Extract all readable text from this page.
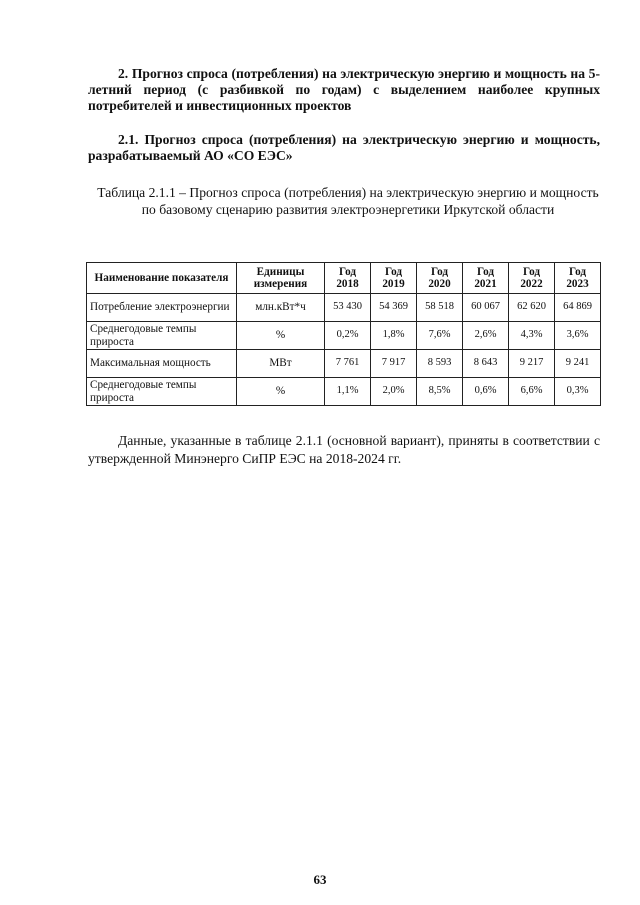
2. Прогноз спроса (потребления) на электрическую энергию и мощность на 5-летний период (с разбивкой по годам) с выделением наиболее крупных потребителей и инвестиционных проектов
2.1. Прогноз спроса (потребления) на электрическую энергию и мощность, разрабатываемый АО «СО ЕЭС»
Таблица 2.1.1 – Прогноз спроса (потребления) на электрическую энергию и мощность по базовому сценарию развития электроэнергетики Иркутской области
Наименование показателя	Единицы измерения	Год 2018	Год 2019	Год 2020	Год 2021	Год 2022	Год 2023
Потребление электроэнергии	млн.кВт*ч	53 430	54 369	58 518	60 067	62 620	64 869
Среднегодовые темпы прироста	%	0,2%	1,8%	7,6%	2,6%	4,3%	3,6%
Максимальная мощность	МВт	7 761	7 917	8 593	8 643	9 217	9 241
Среднегодовые темпы прироста	%	1,1%	2,0%	8,5%	0,6%	6,6%	0,3%
Данные, указанные в таблице 2.1.1 (основной вариант), приняты в соответствии с утвержденной Минэнерго СиПР ЕЭС на 2018-2024 гг.
63
